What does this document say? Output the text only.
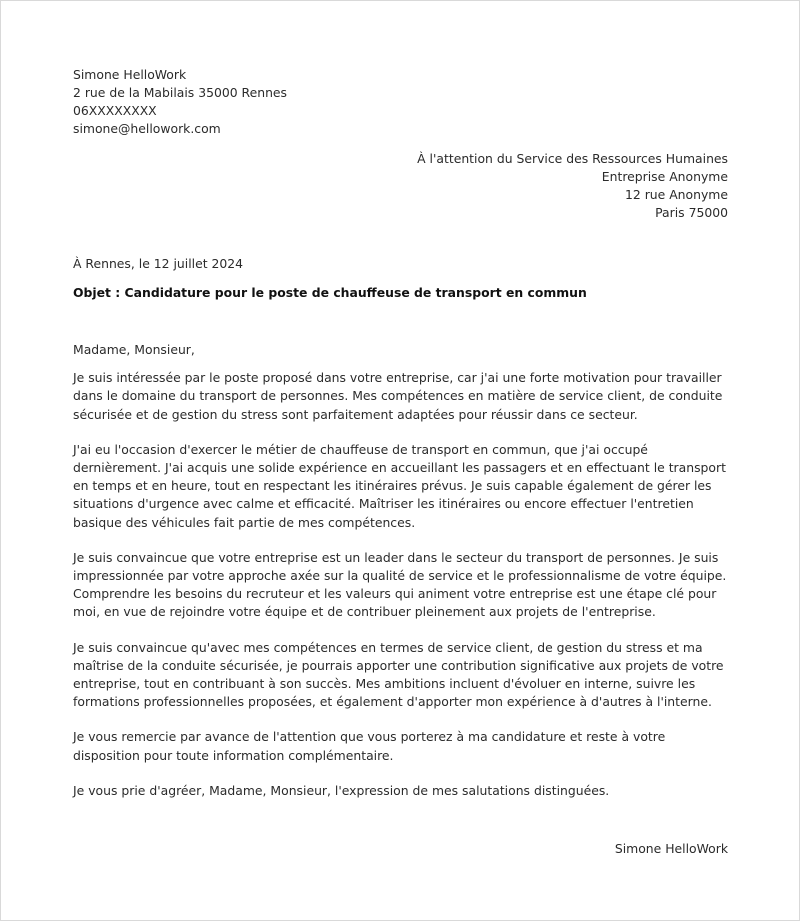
Simone HelloWork
2 rue de la Mabilais 35000 Rennes
06XXXXXXXX
simone@hellowork.com
À l'attention du Service des Ressources Humaines
Entreprise Anonyme
12 rue Anonyme
Paris 75000
À Rennes, le 12 juillet 2024
Objet : Candidature pour le poste de chauffeuse de transport en commun

Madame, Monsieur,

Je suis intéressée par le poste proposé dans votre entreprise, car j'ai une forte motivation pour travailler dans le domaine du transport de personnes. Mes compétences en matière de service client, de conduite sécurisée et de gestion du stress sont parfaitement adaptées pour réussir dans ce secteur.

J'ai eu l'occasion d'exercer le métier de chauffeuse de transport en commun, que j'ai occupé dernièrement. J'ai acquis une solide expérience en accueillant les passagers et en effectuant le transport en temps et en heure, tout en respectant les itinéraires prévus. Je suis capable également de gérer les situations d'urgence avec calme et efficacité. Maîtriser les itinéraires ou encore effectuer l'entretien basique des véhicules fait partie de mes compétences.

Je suis convaincue que votre entreprise est un leader dans le secteur du transport de personnes. Je suis impressionnée par votre approche axée sur la qualité de service et le professionnalisme de votre équipe. Comprendre les besoins du recruteur et les valeurs qui animent votre entreprise est une étape clé pour moi, en vue de rejoindre votre équipe et de contribuer pleinement aux projets de l'entreprise.

Je suis convaincue qu'avec mes compétences en termes de service client, de gestion du stress et ma maîtrise de la conduite sécurisée, je pourrais apporter une contribution significative aux projets de votre entreprise, tout en contribuant à son succès. Mes ambitions incluent d'évoluer en interne, suivre les formations professionnelles proposées, et également d'apporter mon expérience à d'autres à l'interne.

Je vous remercie par avance de l'attention que vous porterez à ma candidature et reste à votre disposition pour toute information complémentaire.

Je vous prie d'agréer, Madame, Monsieur, l'expression de mes salutations distinguées.

Simone HelloWork
